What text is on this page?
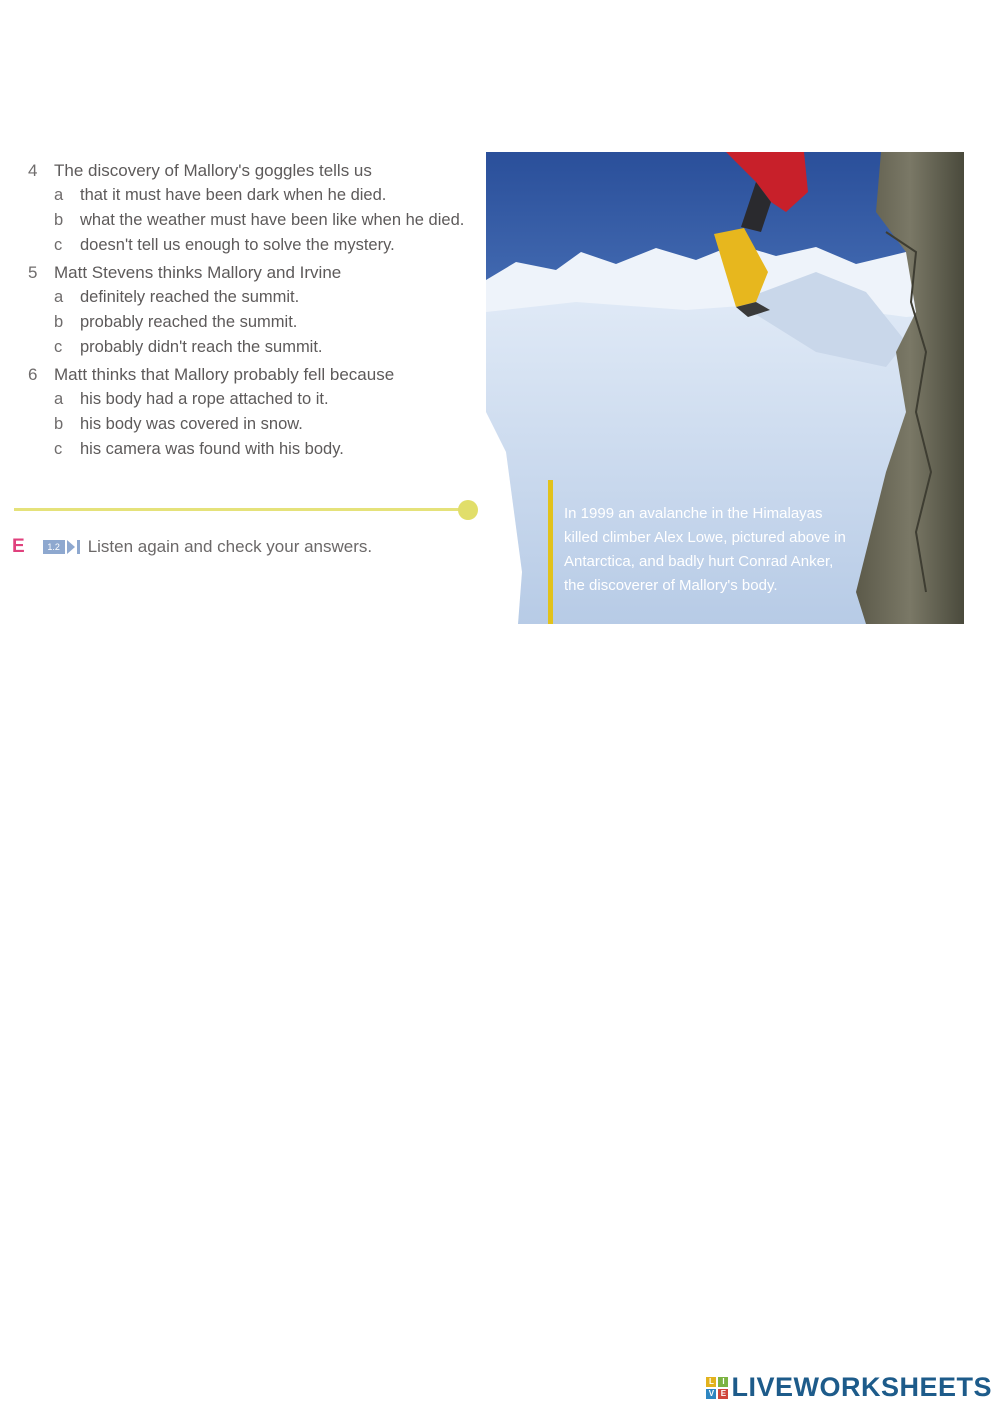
4 The discovery of Mallory's goggles tells us
a	that it must have been dark when he died.
b	what the weather must have been like when he died.
c	doesn't tell us enough to solve the mystery.
5 Matt Stevens thinks Mallory and Irvine
a	definitely reached the summit.
b	probably reached the summit.
c	probably didn't reach the summit.
6 Matt thinks that Mallory probably fell because
a	his body had a rope attached to it.
b	his body was covered in snow.
c	his camera was found with his body.
E	1.2 Listen again and check your answers.
In 1999 an avalanche in the Himalayas killed climber Alex Lowe, pictured above in Antarctica, and badly hurt Conrad Anker, the discoverer of Mallory's body.
L	I
V E LIVEWORKSHEETS
